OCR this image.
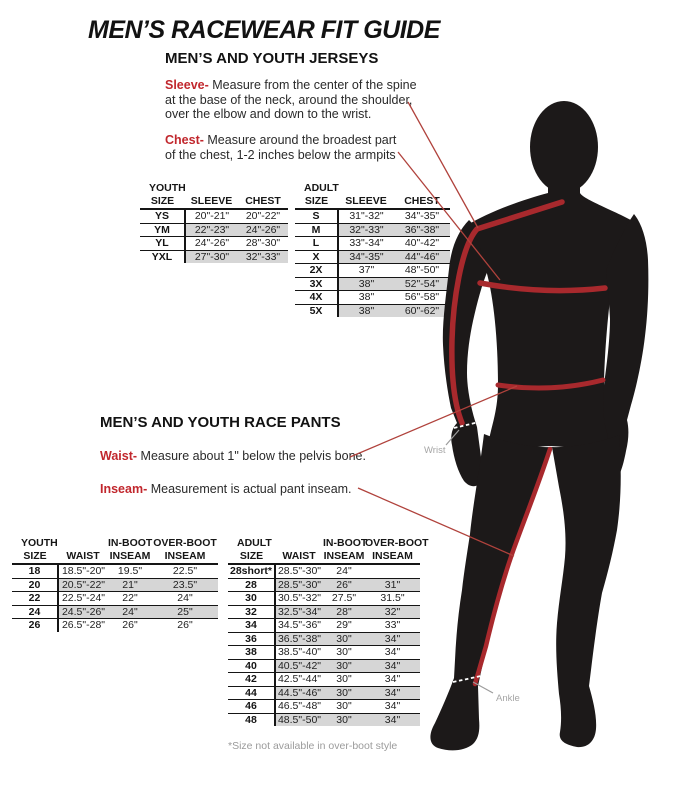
MEN’S RACEWEAR FIT GUIDE
MEN’S AND YOUTH JERSEYS
Sleeve- Measure from the center of the spine
at the base of the neck, around the shoulder,
over the elbow and down to the wrist.
Chest- Measure around the broadest part
of the chest, 1-2 inches below the armpits
YOUTH		
SIZE	SLEEVE	CHEST
YS	20"-21"	20"-22"
YM	22"-23"	24"-26"
YL	24"-26"	28"-30"
YXL	27"-30"	32"-33"
ADULT		
SIZE	SLEEVE	CHEST
S	31"-32"	34"-35"
M	32"-33"	36"-38"
L	33"-34"	40"-42"
X	34"-35"	44"-46"
2X	37"	48"-50"
3X	38"	52"-54"
4X	38"	56"-58"
5X	38"	60"-62"
MEN’S AND YOUTH RACE PANTS
Waist- Measure about 1" below the pelvis bone.
Inseam- Measurement is actual pant inseam.
YOUTH		IN-BOOT	OVER-BOOT
SIZE	WAIST	INSEAM	INSEAM
18	18.5"-20"	19.5"	22.5"
20	20.5"-22"	21"	23.5"
22	22.5"-24"	22"	24"
24	24.5"-26"	24"	25"
26	26.5"-28"	26"	26"
ADULT		IN-BOOT	OVER-BOOT
SIZE	WAIST	INSEAM	INSEAM
28short*	28.5"-30"	24"	
28	28.5"-30"	26"	31"
30	30.5"-32"	27.5"	31.5"
32	32.5"-34"	28"	32"
34	34.5"-36"	29"	33"
36	36.5"-38"	30"	34"
38	38.5"-40"	30"	34"
40	40.5"-42"	30"	34"
42	42.5"-44"	30"	34"
44	44.5"-46"	30"	34"
46	46.5"-48"	30"	34"
48	48.5"-50"	30"	34"
*Size not available in over-boot style
Wrist
Ankle
